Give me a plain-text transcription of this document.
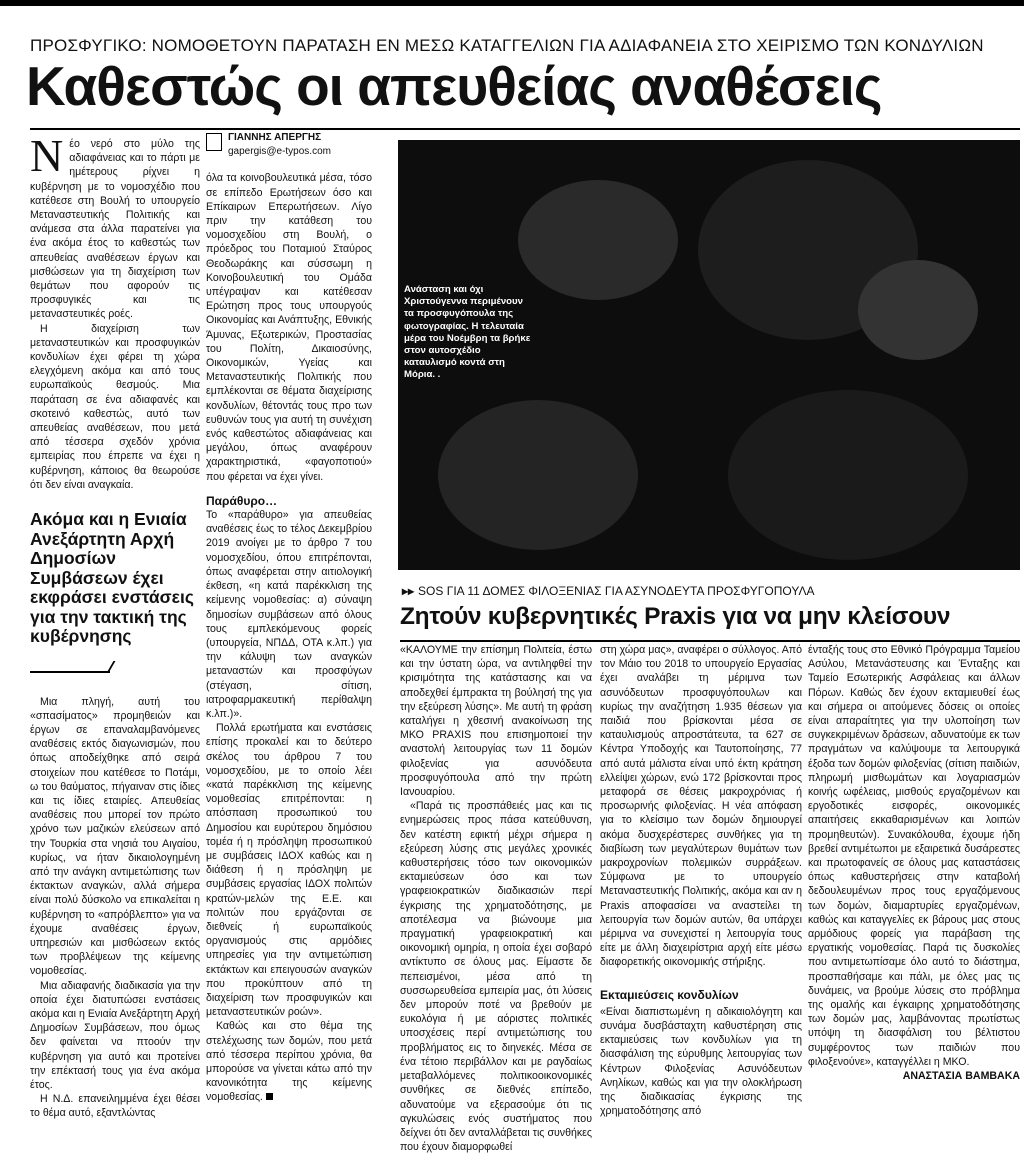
ΠΡΟΣΦΥΓΙΚΟ: ΝΟΜΟΘΕΤΟΥΝ ΠΑΡΑΤΑΣΗ ΕΝ ΜΕΣΩ ΚΑΤΑΓΓΕΛΙΩΝ ΓΙΑ ΑΔΙΑΦΑΝΕΙΑ ΣΤΟ ΧΕΙΡΙΣΜΟ ΤΩΝ ΚΟΝΔΥΛΙΩΝ
Καθεστώς οι απευθείας αναθέσεις

Νέο νερό στο μύλο της αδιαφάνειας και το πάρτι με ημέτερους ρίχνει η κυβέρνηση με το νομοσχέδιο που κατέθεσε στη Βουλή το υπουργείο Μεταναστευτικής Πολιτικής και ανάμεσα στα άλλα παρατείνει για ένα ακόμα έτος το καθεστώς των απευθείας αναθέσεων έργων και μισθώσεων για τη διαχείριση των θεμάτων που αφορούν τις προσφυγικές και τις μεταναστευτικές ροές.

Η διαχείριση των μεταναστευτικών και προσφυγικών κονδυλίων έχει φέρει τη χώρα ελεγχόμενη ακόμα και από τους ευρωπαϊκούς θεσμούς. Μια παράταση σε ένα αδιαφανές και σκοτεινό καθεστώς, αυτό των απευθείας αναθέσεων, που μετά από τέσσερα σχεδόν χρόνια εμπειρίας που έπρεπε να έχει η κυβέρνηση, κάποιος θα θεωρούσε ότι δεν είναι αναγκαία.

Ακόμα και η Ενιαία Ανεξάρτητη Αρχή Δημοσίων Συμβάσεων έχει εκφράσει ενστάσεις για την τακτική της κυβέρνησης

Μια πληγή, αυτή του «σπασίματος» προμηθειών και έργων σε επαναλαμβανόμενες αναθέσεις εκτός διαγωνισμών, που όπως αποδείχθηκε από σειρά στοιχείων που κατέθεσε το Ποτάμι, ω του θαύματος, πήγαιναν στις ίδιες και τις ίδιες εταιρίες. Απευθείας αναθέσεις που μπορεί τον πρώτο χρόνο των μαζικών ελεύσεων από την Τουρκία στα νησιά του Αιγαίου, κυρίως, να ήταν δικαιολογημένη από την ανάγκη αντιμετώπισης των έκτακτων αναγκών, αλλά σήμερα είναι πολύ δύσκολο να επικαλείται η κυβέρνηση το «απρόβλεπτο» για να έχουμε αναθέσεις έργων, υπηρεσιών και μισθώσεων εκτός των προβλέψεων της κείμενης νομοθεσίας.

Μια αδιαφανής διαδικασία για την οποία έχει διατυπώσει ενστάσεις ακόμα και η Ενιαία Ανεξάρτητη Αρχή Δημοσίων Συμβάσεων, που όμως δεν φαίνεται να πτοούν την κυβέρνηση για αυτό και προτείνει την επέκτασή τους για ένα ακόμα έτος.

Η Ν.Δ. επανειλημμένα έχει θέσει το θέμα αυτό, εξαντλώντας

ΓΙΑΝΝΗΣ ΑΠΕΡΓΗΣ
gapergis@e-typos.com

όλα τα κοινοβουλευτικά μέσα, τόσο σε επίπεδο Ερωτήσεων όσο και Επίκαιρων Επερωτήσεων. Λίγο πριν την κατάθεση του νομοσχεδίου στη Βουλή, ο πρόεδρος του Ποταμιού Σταύρος Θεοδωράκης και σύσσωμη η Κοινοβουλευτική του Ομάδα υπέγραψαν και κατέθεσαν Ερώτηση προς τους υπουργούς Οικονομίας και Ανάπτυξης, Εθνικής Άμυνας, Εξωτερικών, Προστασίας του Πολίτη, Δικαιοσύνης, Οικονομικών, Υγείας και Μεταναστευτικής Πολιτικής που εμπλέκονται σε θέματα διαχείρισης κονδυλίων, θέτοντάς τους προ των ευθυνών τους για αυτή τη συνέχιση ενός καθεστώτος αδιαφάνειας και μεγάλου, όπως αναφέρουν χαρακτηριστικά, «φαγοποτιού» που φέρεται να έχει γίνει.

Παράθυρο…

Το «παράθυρο» για απευθείας αναθέσεις έως το τέλος Δεκεμβρίου 2019 ανοίγει με το άρθρο 7 του νομοσχεδίου, όπου επιτρέπονται, όπως αναφέρεται στην αιτιολογική έκθεση, «η κατά παρέκκλιση της κείμενης νομοθεσίας: α) σύναψη δημοσίων συμβάσεων από όλους τους εμπλεκόμενους φορείς (υπουργεία, ΝΠΔΔ, ΟΤΑ κ.λπ.) για την κάλυψη των αναγκών μεταναστών και προσφύγων (στέγαση, σίτιση, ιατροφαρμακευτική περίθαλψη κ.λπ.)».

Πολλά ερωτήματα και ενστάσεις επίσης προκαλεί και το δεύτερο σκέλος του άρθρου 7 του νομοσχεδίου, με το οποίο λέει «κατά παρέκκλιση της κείμενης νομοθεσίας επιτρέπονται: η απόσπαση προσωπικού του Δημοσίου και ευρύτερου δημόσιου τομέα ή η πρόσληψη προσωπικού με συμβάσεις ΙΔΟΧ καθώς και η διάθεση ή η πρόσληψη με συμβάσεις εργασίας ΙΔΟΧ πολιτών κρατών-μελών της Ε.Ε. και πολιτών που εργάζονται σε διεθνείς ή ευρωπαϊκούς οργανισμούς στις αρμόδιες υπηρεσίες για την αντιμετώπιση εκτάκτων και επειγουσών αναγκών που προκύπτουν από τη διαχείριση των προσφυγικών και μεταναστευτικών ροών».

Καθώς και στο θέμα της στελέχωσης των δομών, που μετά από τέσσερα περίπου χρόνια, θα μπορούσε να γίνεται κάτω από την κανονικότητα της κείμενης νομοθεσίας.

Ανάσταση και όχι Χριστούγεννα περιμένουν τα προσφυγόπουλα της φωτογραφίας. Η τελευταία μέρα του Νοέμβρη τα βρήκε στον αυτοσχέδιο καταυλισμό κοντά στη Μόρια. .
▸▸ SOS ΓΙΑ 11 ΔΟΜΕΣ ΦΙΛΟΞΕΝΙΑΣ ΓΙΑ ΑΣΥΝΟΔΕΥΤΑ ΠΡΟΣΦΥΓΟΠΟΥΛΑ
Ζητούν κυβερνητικές Praxis για να μην κλείσουν

«ΚΑΛΟΥΜΕ την επίσημη Πολιτεία, έστω και την ύστατη ώρα, να αντιληφθεί την κρισιμότητα της κατάστασης και να αποδεχθεί έμπρακτα τη βούλησή της για την εξεύρεση λύσης». Με αυτή τη φράση καταλήγει η χθεσινή ανακοίνωση της ΜΚΟ PRAXIS που επισημοποιεί την αναστολή λειτουργίας των 11 δομών φιλοξενίας για ασυνόδευτα προσφυγόπουλα από την πρώτη Ιανουαρίου.

«Παρά τις προσπάθειές μας και τις ενημερώσεις προς πάσα κατεύθυνση, δεν κατέστη εφικτή μέχρι σήμερα η εξεύρεση λύσης στις μεγάλες χρονικές καθυστερήσεις τόσο των οικονομικών εκταμιεύσεων όσο και των γραφειοκρατικών διαδικασιών περί έγκρισης της χρηματοδότησης, με αποτέλεσμα να βιώνουμε μια πραγματική γραφειοκρατική και οικονομική ομηρία, η οποία έχει σοβαρό αντίκτυπο σε όλους μας. Είμαστε δε πεπεισμένοι, μέσα από τη συσσωρευθείσα εμπειρία μας, ότι λύσεις δεν μπορούν ποτέ να βρεθούν με ευκολόγια ή με αόριστες πολιτικές υποσχέσεις περί αντιμετώπισης του προβλήματος εις το διηνεκές. Μέσα σε ένα τέτοιο περιβάλλον και με ραγδαίως μεταβαλλόμενες πολιτικοοικονομικές συνθήκες σε διεθνές επίπεδο, αδυνατούμε να εξερασούμε ότι τις αγκυλώσεις ενός συστήματος που δείχνει ότι δεν ανταλλάβεται τις συνθήκες που έχουν διαμορφωθεί

στη χώρα μας», αναφέρει ο σύλλογος. Από τον Μάιο του 2018 το υπουργείο Εργασίας έχει αναλάβει τη μέριμνα των ασυνόδευτων προσφυγόπουλων και κυρίως την αναζήτηση 1.935 θέσεων για παιδιά που βρίσκονται μέσα σε καταυλισμούς απροστάτευτα, τα 627 σε Κέντρα Υποδοχής και Ταυτοποίησης, 77 από αυτά μάλιστα είναι υπό έκτη κράτηση ελλείψει χώρων, ενώ 172 βρίσκονται προς μεταφορά σε θέσεις μακροχρόνιας ή προσωρινής φιλοξενίας. Η νέα απόφαση για το κλείσιμο των δομών δημιουργεί ακόμα δυσχερέστερες συνθήκες για τη διαβίωση των μεγαλύτερων θυμάτων των μακροχρονίων πολεμικών συρράξεων. Σύμφωνα με το υπουργείο Μεταναστευτικής Πολιτικής, ακόμα και αν η Praxis αποφασίσει να αναστείλει τη λειτουργία των δομών αυτών, θα υπάρχει μέριμνα να συνεχιστεί η λειτουργία τους είτε με άλλη διαχειρίστρια αρχή είτε μέσω διαφορετικής οικονομικής στήριξης.

Εκταμιεύσεις κονδυλίων

«Είναι διαπιστωμένη η αδικαιολόγητη και συνάμα δυσβάσταχτη καθυστέρηση στις εκταμιεύσεις των κονδυλίων για τη διασφάλιση της εύρυθμης λειτουργίας των Κέντρων Φιλοξενίας Ασυνόδευτων Ανηλίκων, καθώς και για την ολοκλήρωση της διαδικασίας έγκρισης της χρηματοδότησης από

ένταξής τους στο Εθνικό Πρόγραμμα Ταμείου Ασύλου, Μετανάστευσης και Ένταξης και Ταμείο Εσωτερικής Ασφάλειας και άλλων Πόρων. Καθώς δεν έχουν εκταμιευθεί έως και σήμερα οι αιτούμενες δόσεις οι οποίες είναι απαραίτητες για την υλοποίηση των συγκεκριμένων δράσεων, αδυνατούμε εκ των πραγμάτων να καλύψουμε τα λειτουργικά έξοδα των δομών φιλοξενίας (σίτιση παιδιών, πληρωμή μισθωμάτων και λογαριασμών κοινής ωφέλειας, μισθούς εργαζομένων και εργοδοτικές εισφορές, οικονομικές απαιτήσεις εκκαθαρισμένων και λοιπών προμηθευτών). Συνακόλουθα, έχουμε ήδη βρεθεί αντιμέτωποι με εξαιρετικά δυσάρεστες και πρωτοφανείς σε όλους μας καταστάσεις όπως καθυστερήσεις στην καταβολή δεδουλευμένων προς τους εργαζόμενους των δομών, διαμαρτυρίες εργαζομένων, καθώς και καταγγελίες εκ βάρους μας στους αρμόδιους φορείς για παράβαση της εργατικής νομοθεσίας. Παρά τις δυσκολίες που αντιμετωπίσαμε όλο αυτό το διάστημα, προσπαθήσαμε και πάλι, με όλες μας τις δυνάμεις, να βρούμε λύσεις στο πρόβλημα της ομαλής και έγκαιρης χρηματοδότησης των δομών μας, λαμβάνοντας πρωτίστως υπόψη τη διασφάλιση του βέλτιστου συμφέροντος των παιδιών που φιλοξενούνε», καταγγέλλει η ΜΚΟ.

ΑΝΑΣΤΑΣΙΑ ΒΑΜΒΑΚΑ
